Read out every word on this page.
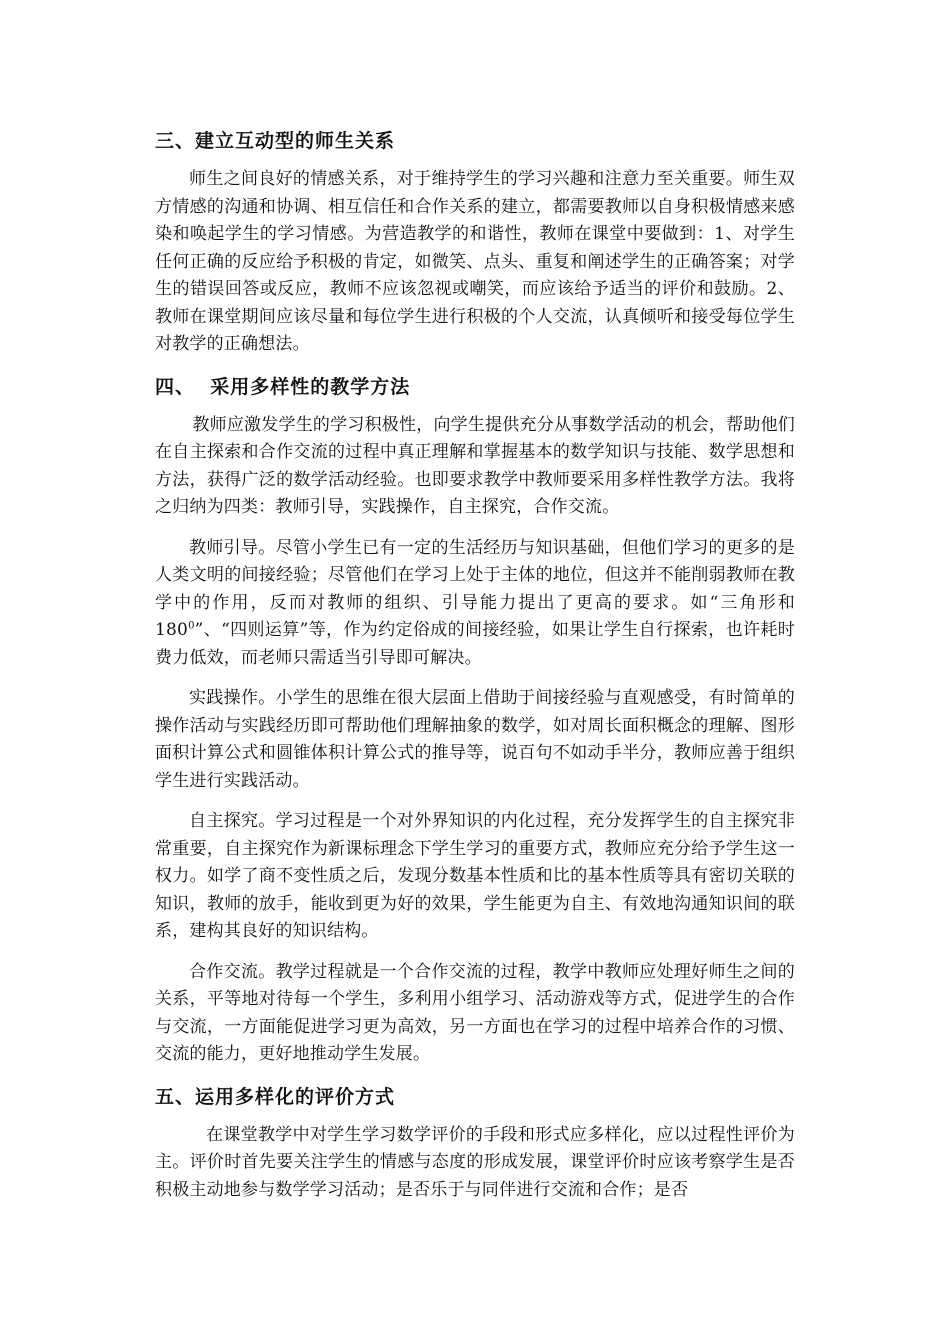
三、建立互动型的师生关系

师生之间良好的情感关系，对于维持学生的学习兴趣和注意力至关重要。师生双方情感的沟通和协调、相互信任和合作关系的建立，都需要教师以自身积极情感来感染和唤起学生的学习情感。为营造教学的和谐性，教师在课堂中要做到：1、对学生任何正确的反应给予积极的肯定，如微笑、点头、重复和阐述学生的正确答案；对学生的错误回答或反应，教师不应该忽视或嘲笑，而应该给予适当的评价和鼓励。2、教师在课堂期间应该尽量和每位学生进行积极的个人交流，认真倾听和接受每位学生对教学的正确想法。

四、  采用多样性的教学方法

教师应激发学生的学习积极性，向学生提供充分从事数学活动的机会，帮助他们在自主探索和合作交流的过程中真正理解和掌握基本的数学知识与技能、数学思想和方法，获得广泛的数学活动经验。也即要求教学中教师要采用多样性教学方法。我将之归纳为四类：教师引导，实践操作，自主探究，合作交流。

教师引导。尽管小学生已有一定的生活经历与知识基础，但他们学习的更多的是人类文明的间接经验；尽管他们在学习上处于主体的地位，但这并不能削弱教师在教学中的作用，反而对教师的组织、引导能力提出了更高的要求。如“三角形和 $180^0$”、“四则运算”等，作为约定俗成的间接经验，如果让学生自行探索，也许耗时费力低效，而老师只需适当引导即可解决。

实践操作。小学生的思维在很大层面上借助于间接经验与直观感受，有时简单的操作活动与实践经历即可帮助他们理解抽象的数学，如对周长面积概念的理解、图形面积计算公式和圆锥体积计算公式的推导等，说百句不如动手半分，教师应善于组织学生进行实践活动。

自主探究。学习过程是一个对外界知识的内化过程，充分发挥学生的自主探究非常重要，自主探究作为新课标理念下学生学习的重要方式，教师应充分给予学生这一权力。如学了商不变性质之后，发现分数基本性质和比的基本性质等具有密切关联的知识，教师的放手，能收到更为好的效果，学生能更为自主、有效地沟通知识间的联系，建构其良好的知识结构。

合作交流。教学过程就是一个合作交流的过程，教学中教师应处理好师生之间的关系，平等地对待每一个学生，多利用小组学习、活动游戏等方式，促进学生的合作与交流，一方面能促进学习更为高效，另一方面也在学习的过程中培养合作的习惯、交流的能力，更好地推动学生发展。

五、运用多样化的评价方式

在课堂教学中对学生学习数学评价的手段和形式应多样化，应以过程性评价为主。评价时首先要关注学生的情感与态度的形成发展，课堂评价时应该考察学生是否积极主动地参与数学学习活动；是否乐于与同伴进行交流和合作；是否
